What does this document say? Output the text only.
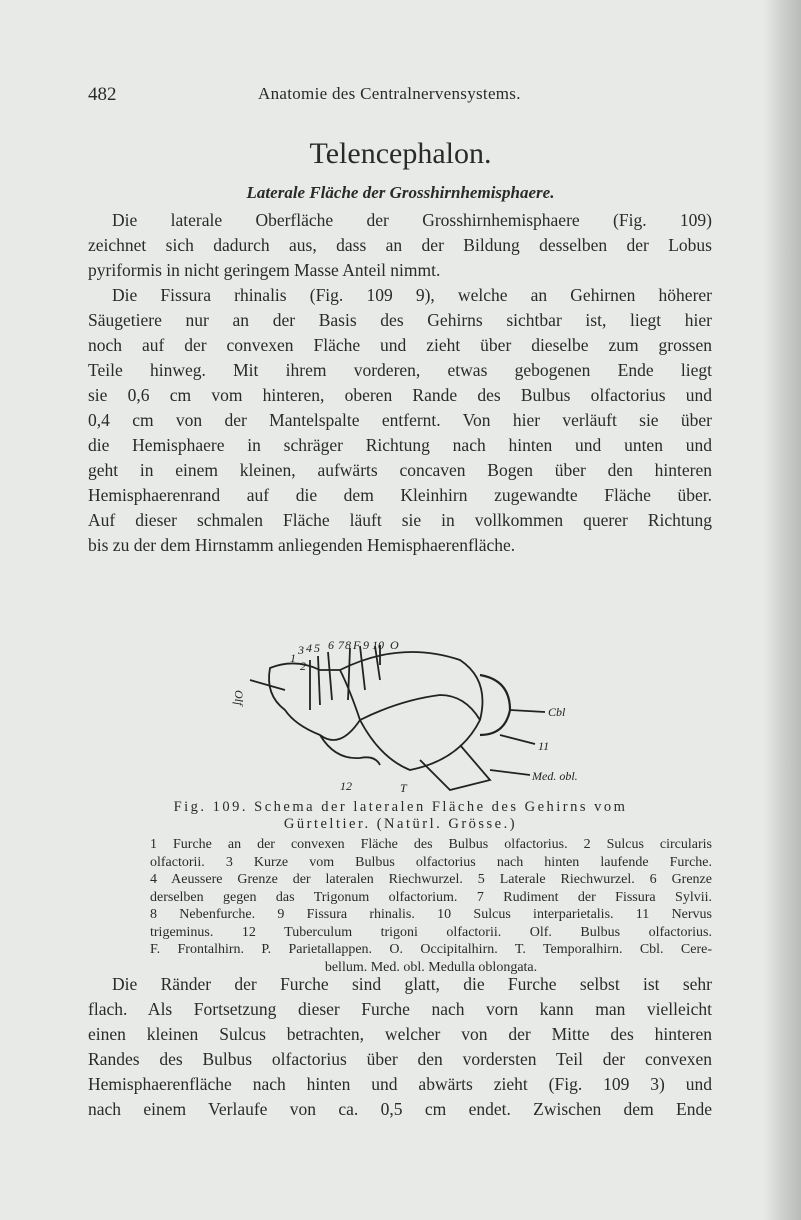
482	Anatomie des Centralnervensystems.
Telencephalon.
Laterale Fläche der Grosshirnhemisphaere.
Die laterale Oberfläche der Grosshirnhemisphaere (Fig. 109)
zeichnet sich dadurch aus, dass an der Bildung desselben der Lobus
pyriformis in nicht geringem Masse Anteil nimmt.
Die Fissura rhinalis (Fig. 109 9), welche an Gehirnen höherer
Säugetiere nur an der Basis des Gehirns sichtbar ist, liegt hier
noch auf der convexen Fläche und zieht über dieselbe zum grossen
Teile hinweg. Mit ihrem vorderen, etwas gebogenen Ende liegt
sie 0,6 cm vom hinteren, oberen Rande des Bulbus olfactorius und
0,4 cm von der Mantelspalte entfernt. Von hier verläuft sie über
die Hemisphaere in schräger Richtung nach hinten und unten und
geht in einem kleinen, aufwärts concaven Bogen über den hinteren
Hemisphaerenrand auf die dem Kleinhirn zugewandte Fläche über.
Auf dieser schmalen Fläche läuft sie in vollkommen querer Richtung
bis zu der dem Hirnstamm anliegenden Hemisphaerenfläche.
12	T
Olf
1
2
3 4 5 6 7 8 F 9 10 O
Cbl
11
Med. obl.
Fig. 109. Schema der lateralen Fläche des Gehirns vom
Gürteltier. (Natürl. Grösse.)
1 Furche an der convexen Fläche des Bulbus olfactorius. 2 Sulcus circularis
olfactorii. 3 Kurze vom Bulbus olfactorius nach hinten laufende Furche.
4 Aeussere Grenze der lateralen Riechwurzel. 5 Laterale Riechwurzel. 6 Grenze
derselben gegen das Trigonum olfactorium. 7 Rudiment der Fissura Sylvii.
8 Nebenfurche. 9 Fissura rhinalis. 10 Sulcus interparietalis. 11 Nervus
trigeminus. 12 Tuberculum trigoni olfactorii. Olf. Bulbus olfactorius.
F. Frontalhirn. P. Parietallappen. O. Occipitalhirn. T. Temporalhirn. Cbl. Cere-
bellum. Med. obl. Medulla oblongata.
Die Ränder der Furche sind glatt, die Furche selbst ist sehr
flach. Als Fortsetzung dieser Furche nach vorn kann man vielleicht
einen kleinen Sulcus betrachten, welcher von der Mitte des hinteren
Randes des Bulbus olfactorius über den vordersten Teil der convexen
Hemisphaerenfläche nach hinten und abwärts zieht (Fig. 109 3) und
nach einem Verlaufe von ca. 0,5 cm endet. Zwischen dem Ende
